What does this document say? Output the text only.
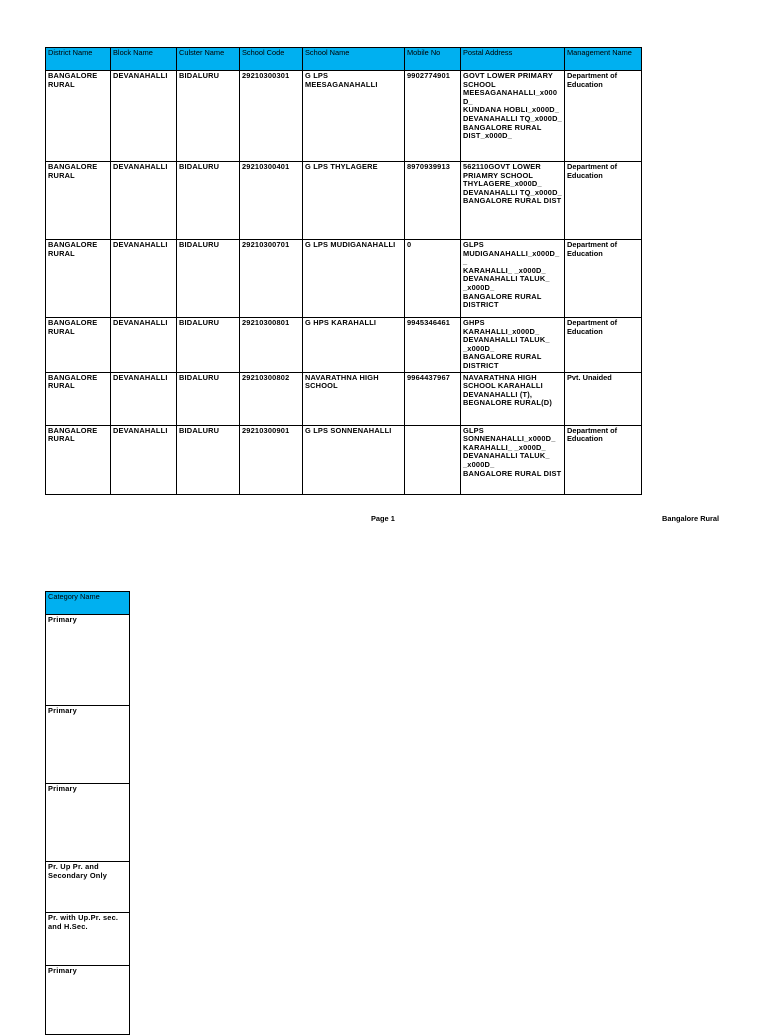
District Name	Block Name	Culster Name	School Code	School Name	Mobile No	Postal Address	Management Name
BANGALORE RURAL	DEVANAHALLI	BIDALURU	29210300301	G LPS MEESAGANAHALLI	9902774901	GOVT LOWER PRIMARY SCHOOL MEESAGANAHALLI_x000D_
KUNDANA HOBLI_x000D_
DEVANAHALLI TQ_x000D_
BANGALORE RURAL DIST_x000D_	Department of Education
BANGALORE RURAL	DEVANAHALLI	BIDALURU	29210300401	G LPS THYLAGERE	8970939913	562110GOVT LOWER PRIAMRY SCHOOL THYLAGERE_x000D_
DEVANAHALLI TQ_x000D_
BANGALORE RURAL DIST	Department of Education
BANGALORE RURAL	DEVANAHALLI	BIDALURU	29210300701	G LPS MUDIGANAHALLI	0	GLPS MUDIGANAHALLI_x000D_
_
KARAHALLI_ _x000D_
DEVANAHALLI TALUK_ _x000D_
BANGALORE RURAL DISTRICT	Department of Education
BANGALORE RURAL	DEVANAHALLI	BIDALURU	29210300801	G HPS KARAHALLI	9945346461	GHPS KARAHALLI_x000D_
DEVANAHALLI TALUK_ _x000D_
BANGALORE RURAL DISTRICT	Department of Education
BANGALORE RURAL	DEVANAHALLI	BIDALURU	29210300802	NAVARATHNA HIGH SCHOOL	9964437967	NAVARATHNA HIGH SCHOOL KARAHALLI DEVANAHALLI (T), BEGNALORE RURAL(D)	Pvt. Unaided
BANGALORE RURAL	DEVANAHALLI	BIDALURU	29210300901	G LPS SONNENAHALLI		GLPS SONNENAHALLI_x000D_
KARAHALLI_ _x000D_
DEVANAHALLI TALUK_ _x000D_
BANGALORE RURAL DIST	Department of Education
Page 1	Bangalore Rural
Category Name
Primary
Primary
Primary
Pr. Up Pr. and Secondary Only
Pr. with Up.Pr. sec. and H.Sec.
Primary
